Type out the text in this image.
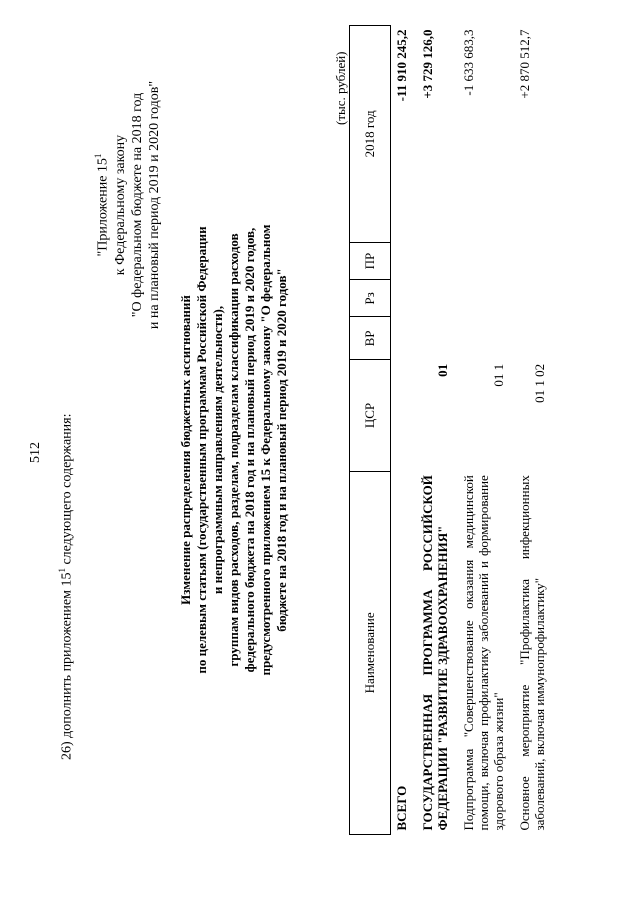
512
26) дополнить приложением $15^1$ следующего содержания:
"Приложение $15^1$ к Федеральному закону "О федеральном бюджете на 2018 год и на плановый период 2019 и 2020 годов"
Изменение распределения бюджетных ассигнований по целевым статьям (государственным программам Российской Федерации и непрограммным направлениям деятельности), группам видов расходов, разделам, подразделам классификации расходов федерального бюджета на 2018 год и на плановый период 2019 и 2020 годов, предусмотренного приложением 15 к Федеральному закону "О федеральном бюджете на 2018 год и на плановый период 2019 и 2020 годов"
(тыс. рублей)
Наименование	ЦСР	ВР	Рз	ПР	2018 год
ВСЕГО					-11 910 245,2
ГОСУДАРСТВЕННАЯ ПРОГРАММА РОССИЙСКОЙ ФЕДЕРАЦИИ "РАЗВИТИЕ ЗДРАВООХРАНЕНИЯ"	01				+3 729 126,0
Подпрограмма "Совершенствование оказания медицинской помощи, включая профилактику заболеваний и формирование здорового образа жизни"	01 1				-1 633 683,3
Основное мероприятие "Профилактика инфекционных заболеваний, включая иммунопрофилактику"	01 1 02				+2 870 512,7
